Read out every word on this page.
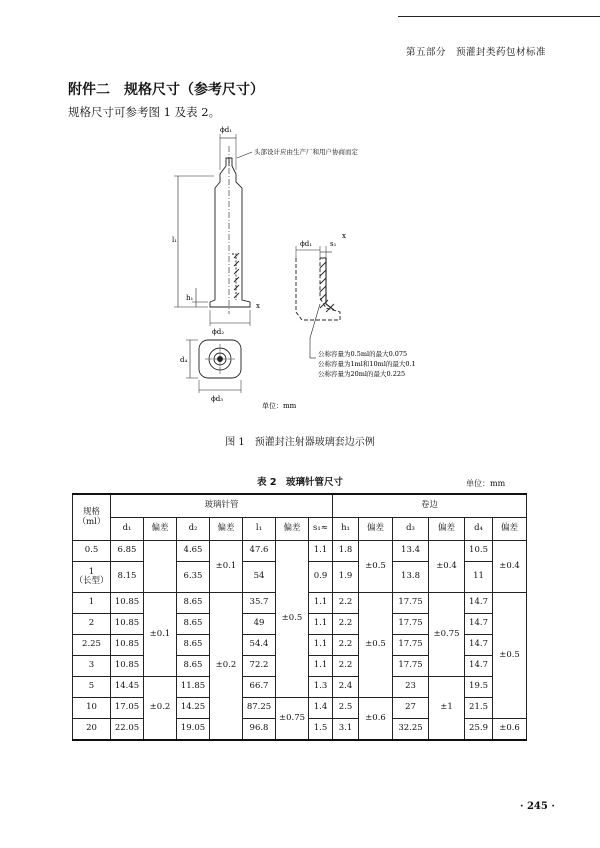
第五部分　预灌封类药包材标准
附件二　规格尺寸（参考尺寸）
规格尺寸可参考图 1 及表 2。
ϕd₁
头部设计应由生产厂和用户协商而定
l₁
h₁
ϕd₂
x
ϕd₁	s₁
x
d₄
ϕd₃
公称容量为0.5ml的最大0.075
公称容量为1ml和10ml的最大0.1
公称容量为20ml的最大0.225
单位：mm
图 1　预灌封注射器玻璃套边示例
表 2　玻璃针管尺寸	单位：mm
规格
（ml）	玻璃针管							卷边					
	d₁	偏差	d₂	偏差	l₁	偏差	s₁≈	h₁	偏差	d₃	偏差	d₄	偏差
0.5	6.85		4.65	±0.1	47.6	±0.5	1.1	1.8	±0.5	13.4	±0.4	10.5	±0.4
1
（长型）	8.15		6.35		54		0.9	1.9		13.8		11	
1	10.85	±0.1	8.65	±0.2	35.7		1.1	2.2	±0.5	17.75	±0.75	14.7	±0.5
2	10.85		8.65		49		1.1	2.2		17.75		14.7	
2.25	10.85		8.65		54.4		1.1	2.2		17.75		14.7	
3	10.85		8.65		72.2		1.1	2.2		17.75		14.7	
5	14.45	±0.2	11.85		66.7		1.3	2.4		23	±1	19.5	
10	17.05		14.25		87.25	±0.75	1.4	2.5	±0.6	27		21.5	
20	22.05		19.05		96.8		1.5	3.1		32.25		25.9	±0.6
· 245 ·
